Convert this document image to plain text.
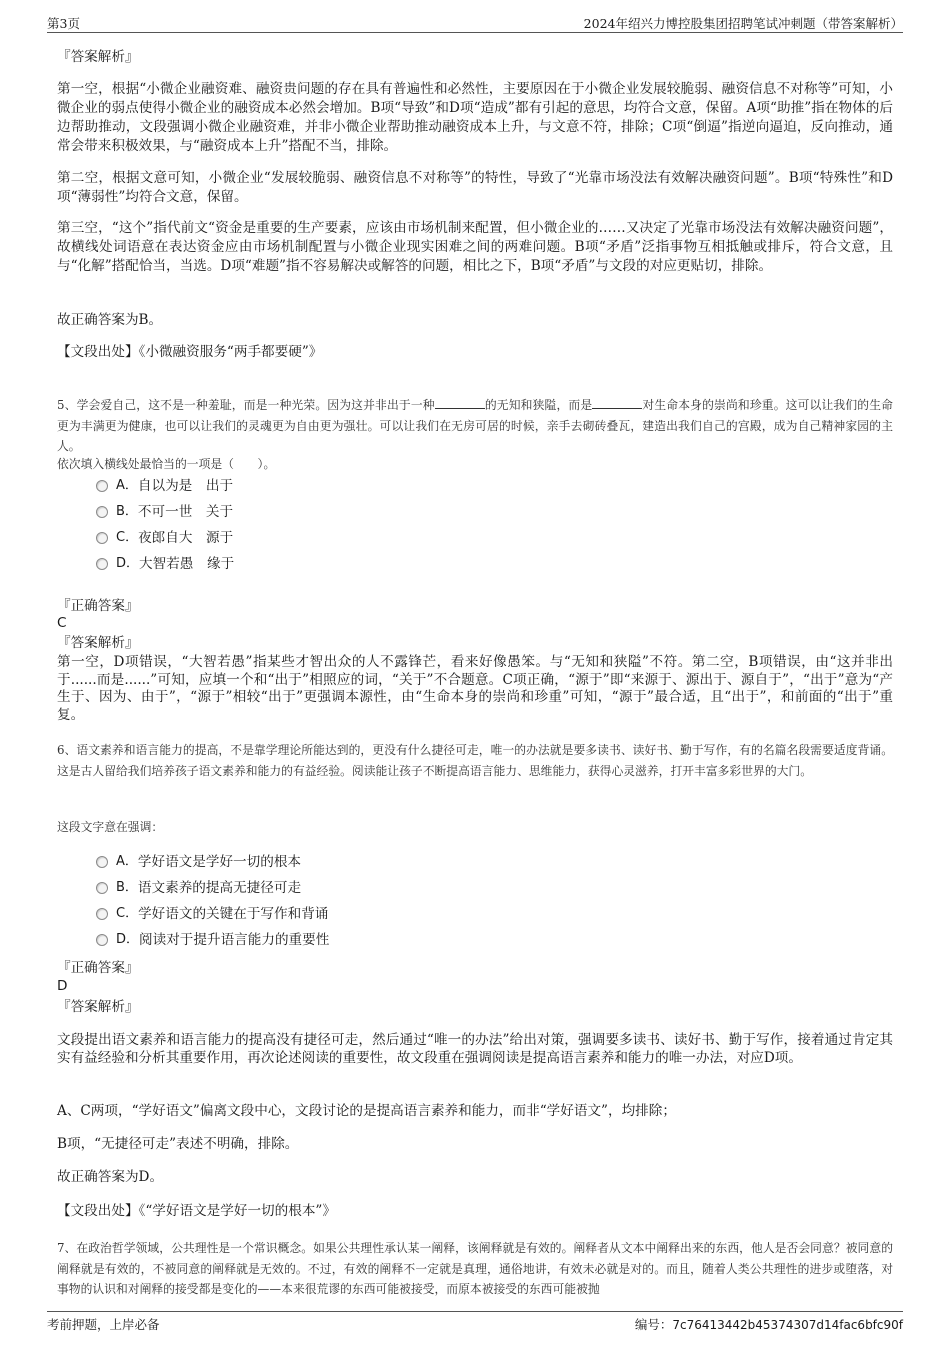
第3页	2024年绍兴力博控股集团招聘笔试冲刺题（带答案解析）
『答案解析』
第一空，根据“小微企业融资难、融资贵问题的存在具有普遍性和必然性，主要原因在于小微企业发展较脆弱、融资信息不对称等”可知，小微企业的弱点使得小微企业的融资成本必然会增加。B项“导致”和D项“造成”都有引起的意思，均符合文意，保留。A项“助推”指在物体的后边帮助推动，文段强调小微企业融资难，并非小微企业帮助推动融资成本上升，与文意不符，排除；C项“倒逼”指逆向逼迫，反向推动，通常会带来积极效果，与“融资成本上升”搭配不当，排除。
第二空，根据文意可知，小微企业“发展较脆弱、融资信息不对称等”的特性，导致了“光靠市场没法有效解决融资问题”。B项“特殊性”和D项“薄弱性”均符合文意，保留。
第三空，“这个”指代前文“资金是重要的生产要素，应该由市场机制来配置，但小微企业的……又决定了光靠市场没法有效解决融资问题”，故横线处词语意在表达资金应由市场机制配置与小微企业现实困难之间的两难问题。B项“矛盾”泛指事物互相抵触或排斥，符合文意，且与“化解”搭配恰当，当选。D项“难题”指不容易解决或解答的问题，相比之下，B项“矛盾”与文段的对应更贴切，排除。
故正确答案为B。
【文段出处】《小微融资服务“两手都要硬”》
5、学会爱自己，这不是一种羞耻，而是一种光荣。因为这并非出于一种	的无知和狭隘，而是	对生命本身的崇尚和珍重。这可以让我们的生命更为丰满更为健康，也可以让我们的灵魂更为自由更为强壮。可以让我们在无房可居的时候，亲手去砌砖叠瓦，建造出我们自己的宫殿，成为自己精神家园的主人。
依次填入横线处最恰当的一项是（　　）。
A． 自以为是　出于
B． 不可一世　关于
C． 夜郎自大　源于
D． 大智若愚　缘于
『正确答案』
C
『答案解析』
第一空，D项错误，“大智若愚”指某些才智出众的人不露锋芒，看来好像愚笨。与“无知和狭隘”不符。第二空，B项错误，由“这并非出于......而是......”可知，应填一个和“出于”相照应的词，“关于”不合题意。C项正确，“源于”即“来源于、源出于、源自于”，“出于”意为“产生于、因为、由于”，“源于”相较“出于”更强调本源性，由“生命本身的崇尚和珍重”可知，“源于”最合适，且“出于”，和前面的“出于”重复。
6、语文素养和语言能力的提高，不是靠学理论所能达到的，更没有什么捷径可走，唯一的办法就是要多读书、读好书、勤于写作，有的名篇名段需要适度背诵。这是古人留给我们培养孩子语文素养和能力的有益经验。阅读能让孩子不断提高语言能力、思维能力，获得心灵滋养，打开丰富多彩世界的大门。
这段文字意在强调：
A． 学好语文是学好一切的根本
B． 语文素养的提高无捷径可走
C． 学好语文的关键在于写作和背诵
D． 阅读对于提升语言能力的重要性
『正确答案』
D
『答案解析』
文段提出语文素养和语言能力的提高没有捷径可走，然后通过“唯一的办法”给出对策，强调要多读书、读好书、勤于写作，接着通过肯定其实有益经验和分析其重要作用，再次论述阅读的重要性，故文段重在强调阅读是提高语言素养和能力的唯一办法，对应D项。
A、C两项，“学好语文”偏离文段中心，文段讨论的是提高语言素养和能力，而非“学好语文”，均排除；
B项，“无捷径可走”表述不明确，排除。
故正确答案为D。
【文段出处】《“学好语文是学好一切的根本”》
7、在政治哲学领域，公共理性是一个常识概念。如果公共理性承认某一阐释，该阐释就是有效的。阐释者从文本中阐释出来的东西，他人是否会同意？被同意的阐释就是有效的，不被同意的阐释就是无效的。不过，有效的阐释不一定就是真理，通俗地讲，有效未必就是对的。而且，随着人类公共理性的进步或堕落，对事物的认识和对阐释的接受都是变化的——本来很荒谬的东西可能被接受，而原本被接受的东西可能被抛
考前押题，上岸必备	编号：7c76413442b45374307d14fac6bfc90f
